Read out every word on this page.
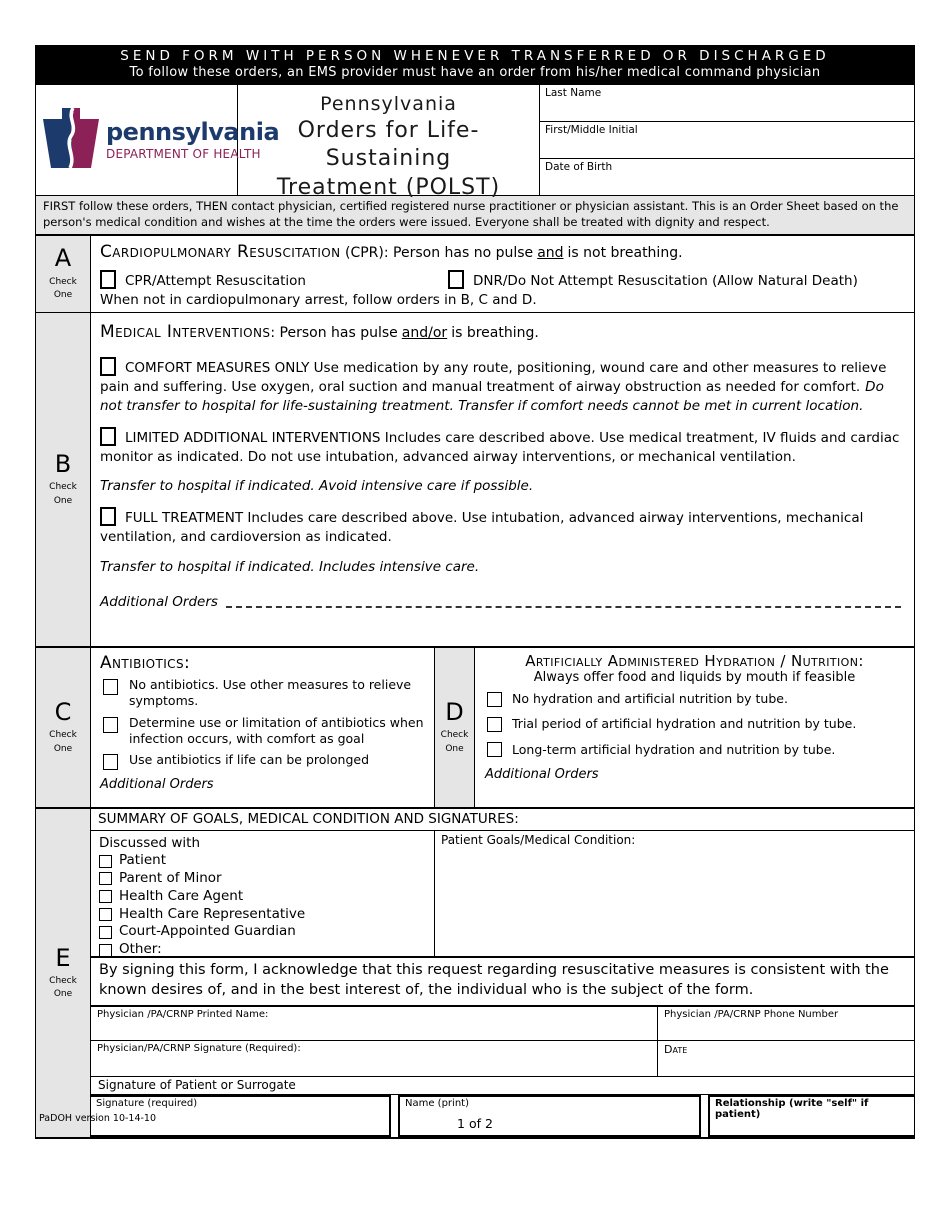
SEND FORM WITH PERSON WHENEVER TRANSFERRED OR DISCHARGED
To follow these orders, an EMS provider must have an order from his/her medical command physician
pennsylvania
DEPARTMENT OF HEALTH
Pennsylvania
Orders for Life-Sustaining
Treatment (POLST)
Last Name
First/Middle Initial
Date of Birth
FIRST follow these orders, THEN contact physician, certified registered nurse practitioner or physician assistant. This is an Order Sheet based on the person's medical condition and wishes at the time the orders were issued. Everyone shall be treated with dignity and respect.
A
Check
One
Cardiopulmonary Resuscitation (CPR): Person has no pulse and is not breathing.
CPR/Attempt Resuscitation	DNR/Do Not Attempt Resuscitation (Allow Natural Death)
When not in cardiopulmonary arrest, follow orders in B, C and D.
B
Check
One
Medical Interventions: Person has pulse and/or is breathing.

COMFORT MEASURES ONLY Use medication by any route, positioning, wound care and other measures to relieve pain and suffering. Use oxygen, oral suction and manual treatment of airway obstruction as needed for comfort. Do not transfer to hospital for life-sustaining treatment. Transfer if comfort needs cannot be met in current location.

LIMITED ADDITIONAL INTERVENTIONS Includes care described above. Use medical treatment, IV fluids and cardiac monitor as indicated. Do not use intubation, advanced airway interventions, or mechanical ventilation.

Transfer to hospital if indicated. Avoid intensive care if possible.

FULL TREATMENT Includes care described above. Use intubation, advanced airway interventions, mechanical ventilation, and cardioversion as indicated.

Transfer to hospital if indicated. Includes intensive care.

Additional Orders
C
Check
One
Antibiotics:
No antibiotics. Use other measures to relieve symptoms.
Determine use or limitation of antibiotics when infection occurs, with comfort as goal
Use antibiotics if life can be prolonged
Additional Orders
D
Check
One
Artificially Administered Hydration / Nutrition:
Always offer food and liquids by mouth if feasible
No hydration and artificial nutrition by tube.
Trial period of artificial hydration and nutrition by tube.
Long-term artificial hydration and nutrition by tube.
Additional Orders
E
Check
One
SUMMARY OF GOALS, MEDICAL CONDITION AND SIGNATURES:
Discussed with
Patient
Parent of Minor
Health Care Agent
Health Care Representative
Court-Appointed Guardian
Other:
Patient Goals/Medical Condition:
By signing this form, I acknowledge that this request regarding resuscitative measures is consistent with the known desires of, and in the best interest of, the individual who is the subject of the form.
Physician /PA/CRNP Printed Name:	Physician /PA/CRNP Phone Number
Physician/PA/CRNP Signature (Required):	Date
Signature of Patient or Surrogate
Signature (required)	Name (print)	Relationship (write "self" if patient)
PaDOH version 10-14-10	1 of 2
